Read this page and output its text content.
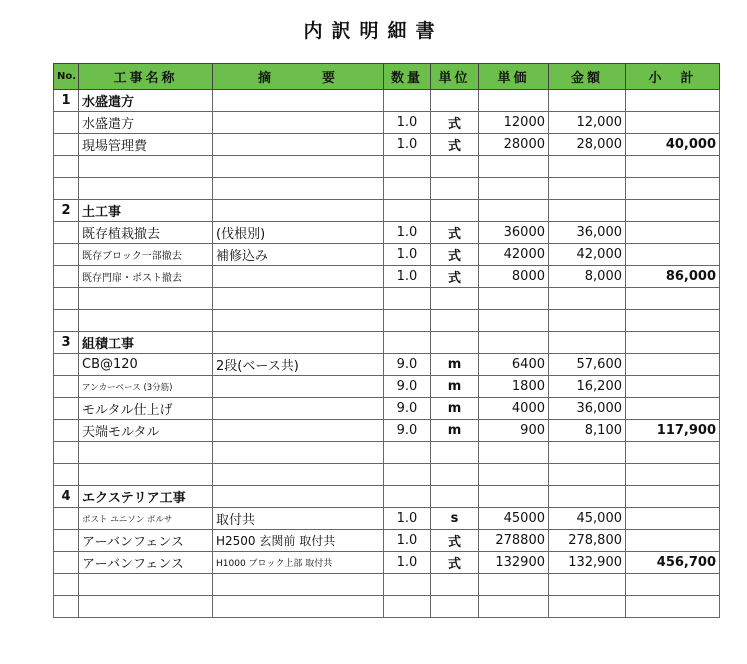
内訳明細書
No.	工事名称	摘　　　要	数量	単位	単価	金額	小　計
1	水盛遣方						
	水盛遣方		1.0	式	12000	12,000	
	現場管理費		1.0	式	28000	28,000	40,000

2	土工事						
	既存植栽撤去	(伐根別)	1.0	式	36000	36,000	
	既存ブロック一部撤去	補修込み	1.0	式	42000	42,000	
	既存門扉・ポスト撤去		1.0	式	8000	8,000	86,000

3	組積工事						
	CB@120	2段(ベース共)	9.0	m	6400	57,600	
	アンカーベース (3分筋)		9.0	m	1800	16,200	
	モルタル仕上げ		9.0	m	4000	36,000	
	天端モルタル		9.0	m	900	8,100	117,900

4	エクステリア工事						
	ポスト ユニソン ポルサ	取付共	1.0	s	45000	45,000	
	アーバンフェンス	H2500 玄関前 取付共	1.0	式	278800	278,800	
	アーバンフェンス	H1000 ブロック上部 取付共	1.0	式	132900	132,900	456,700
